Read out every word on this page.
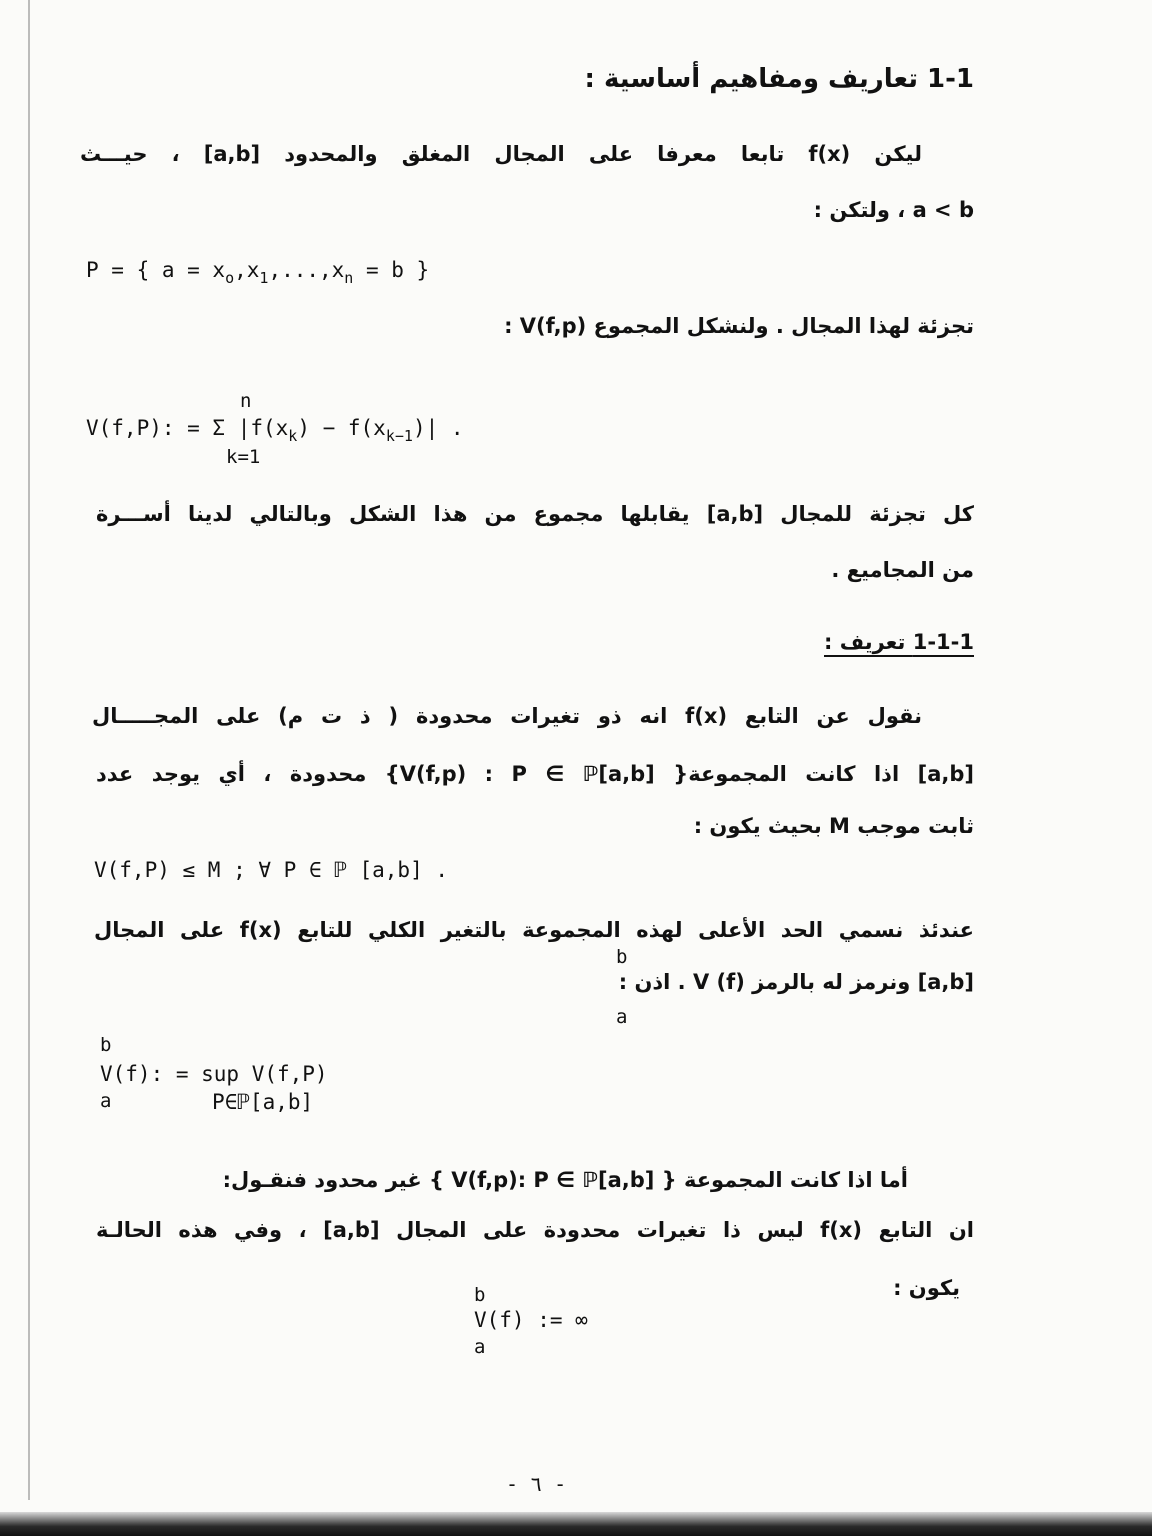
1-1 تعاريف ومفاهيم أساسية :
ليكن f(x) تابعا معرفا على المجال المغلق والمحدود [a,b] ، حيـــث
a < b ، ولتكن :
P = { $a = x_o,x_1,...,x_n = b$ }
تجزئة لهذا المجال . ولنشكل المجموع V(f,p) :
n
V(f,P): = Σ $|f(x_k) - f(x_{k-1})|$ .
k=1
كل تجزئة للمجال [a,b] يقابلها مجموع من هذا الشكل وبالتالي لدينا أســـرة
من المجاميع .
1-1-1 تعريف :
نقول عن التابع f(x) انه ذو تغيرات محدودة ( ذ ت م) على المجـــــال
[a,b] اذا كانت المجموعة{ V(f,p) : P ∈ ℙ[a,b]} محدودة ، أي يوجد عدد
ثابت موجب M بحيث يكون :
V(f,P) ≤ M ; ∀ P ∈ ℙ [a,b] .
عندئذ نسمي الحد الأعلى لهذه المجموعة بالتغير الكلي للتابع f(x) على المجال
b
[a,b] ونرمز له بالرمز V (f) . اذن :
a
b
V(f): = sup V(f,P)
a	P∈ℙ[a,b]
أما اذا كانت المجموعة { V(f,p): P ∈ ℙ[a,b] } غير محدود فنقـول:
ان التابع f(x) ليس ذا تغيرات محدودة على المجال [a,b] ، وفي هذه الحالـة
يكون :
b
V(f) := ∞
a
- ٦ -
